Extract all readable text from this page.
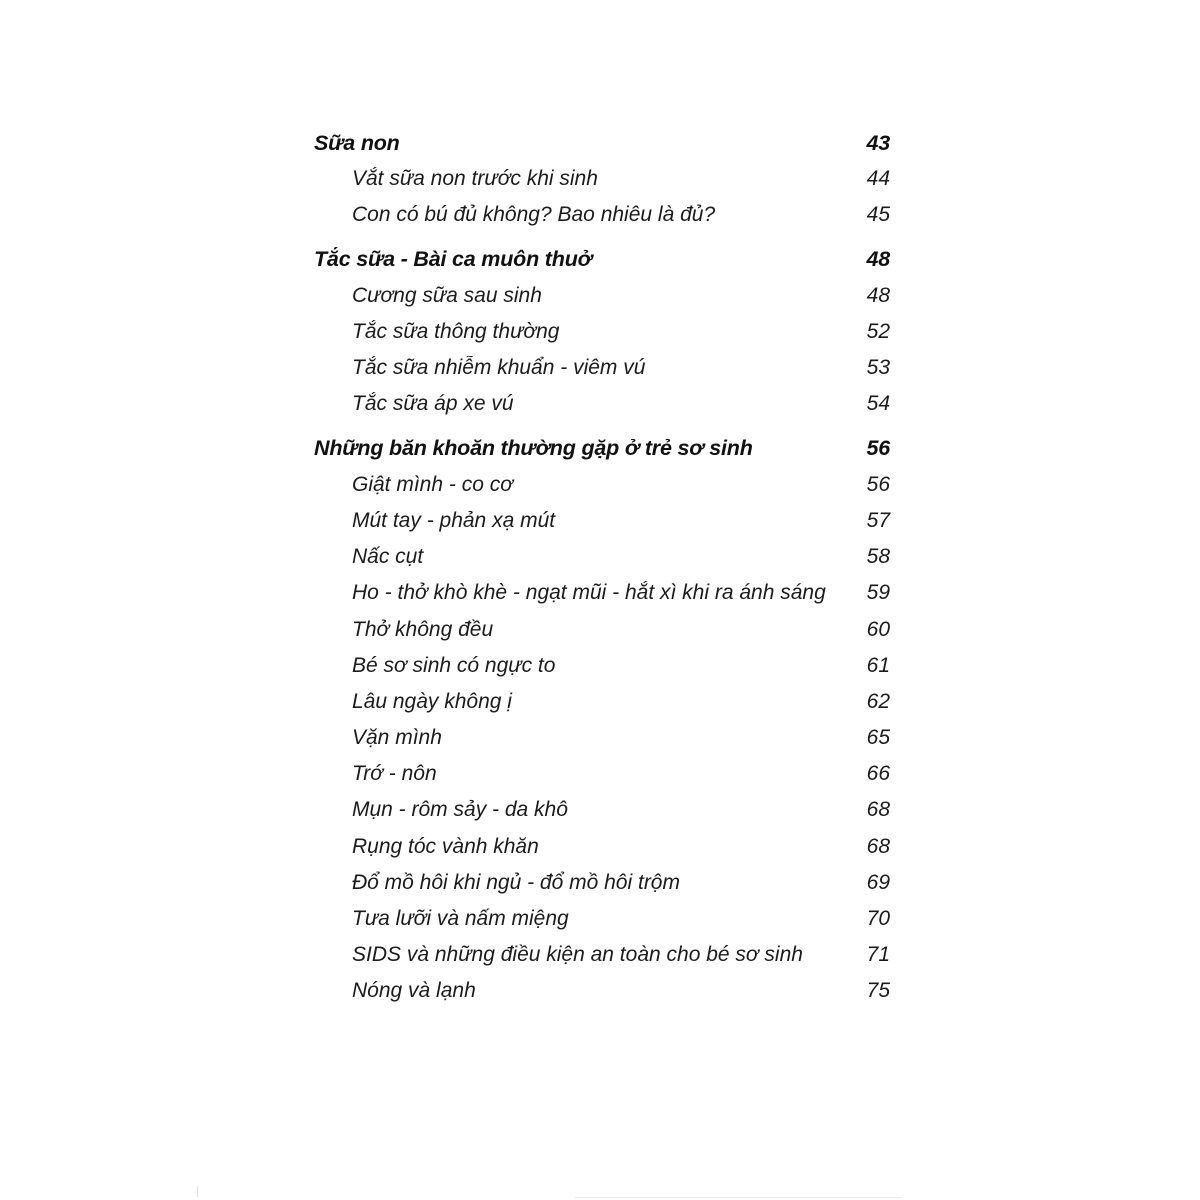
Sữa non	43
Vắt sữa non trước khi sinh	44
Con có bú đủ không? Bao nhiêu là đủ?	45
Tắc sữa - Bài ca muôn thuở	48
Cương sữa sau sinh	48
Tắc sữa thông thường	52
Tắc sữa nhiễm khuẩn - viêm vú	53
Tắc sữa áp xe vú	54
Những băn khoăn thường gặp ở trẻ sơ sinh	56
Giật mình - co cơ	56
Mút tay - phản xạ mút	57
Nấc cụt	58
Ho - thở khò khè - ngạt mũi - hắt xì khi ra ánh sáng	59
Thở không đều	60
Bé sơ sinh có ngực to	61
Lâu ngày không ị	62
Vặn mình	65
Trớ - nôn	66
Mụn - rôm sảy - da khô	68
Rụng tóc vành khăn	68
Đổ mồ hôi khi ngủ - đổ mồ hôi trộm	69
Tưa lưỡi và nấm miệng	70
SIDS và những điều kiện an toàn cho bé sơ sinh	71
Nóng và lạnh	75
